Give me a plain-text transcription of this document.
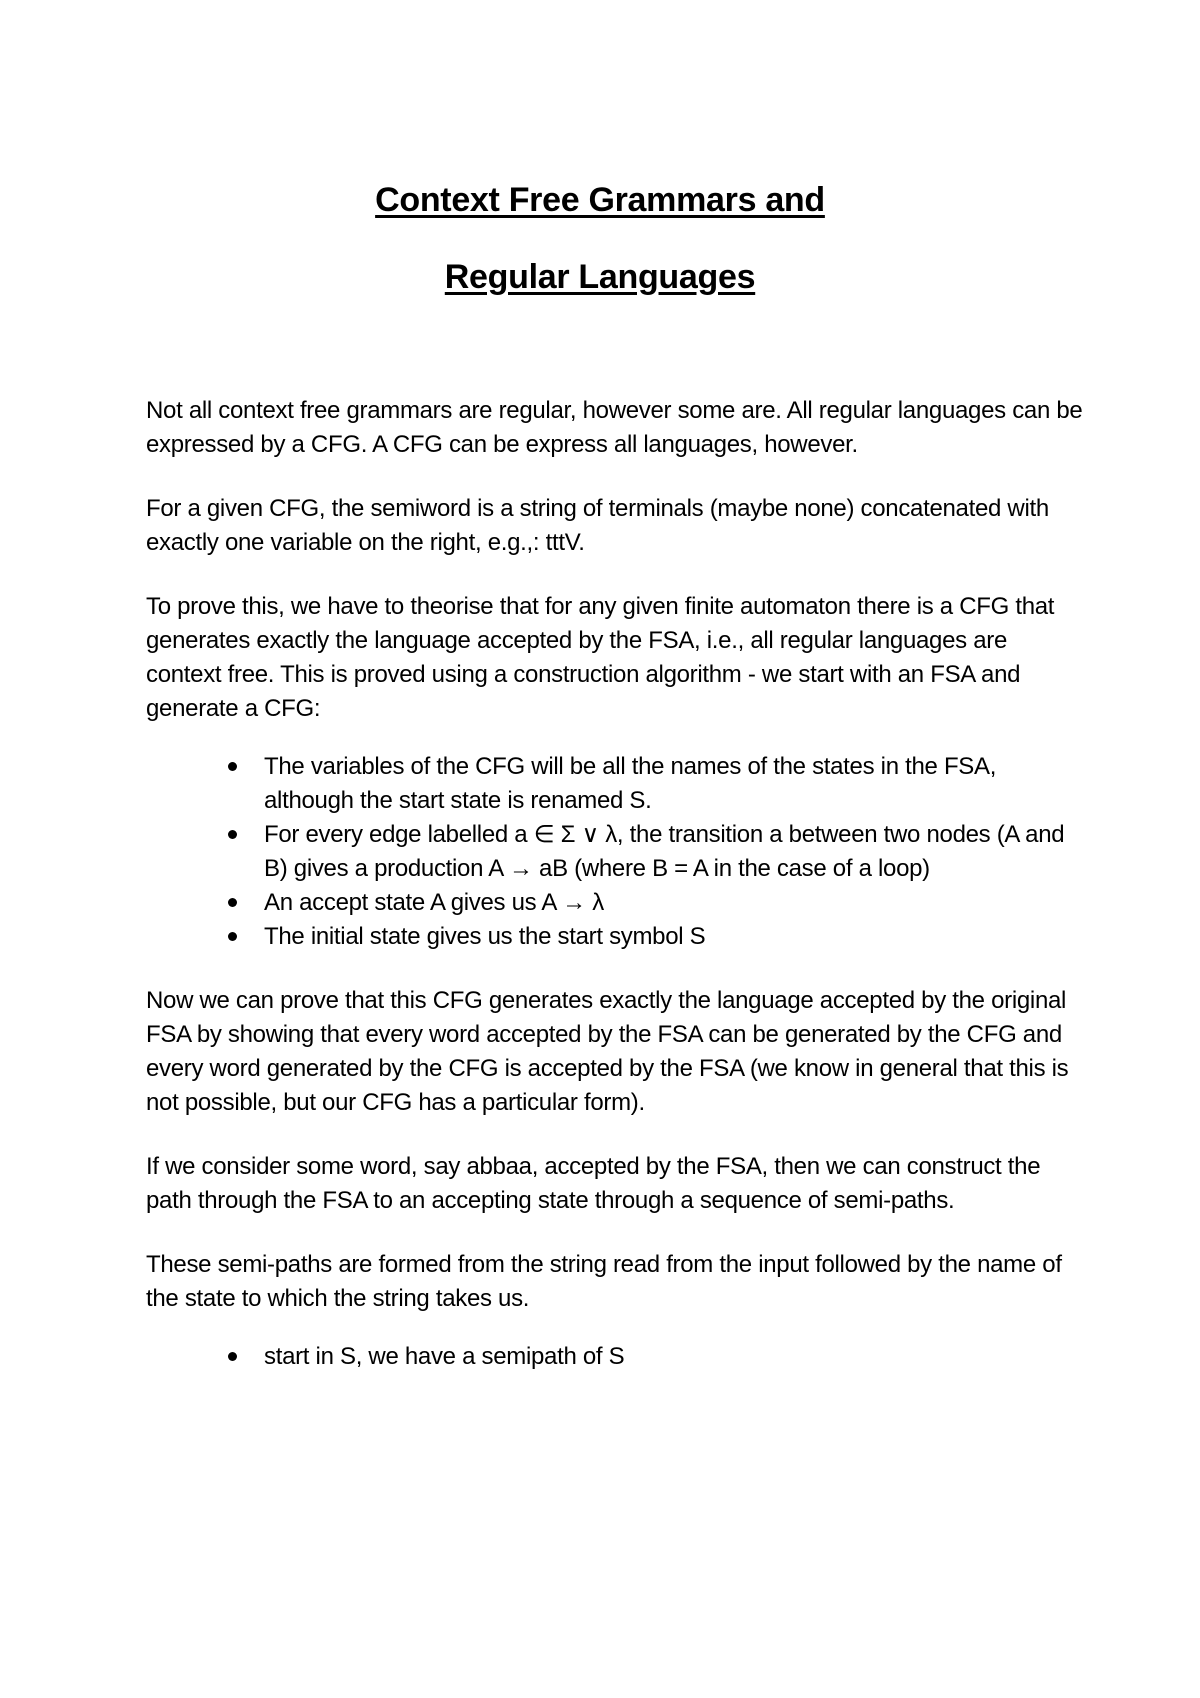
Context Free Grammars and
Regular Languages

Not all context free grammars are regular, however some are. All regular languages can be expressed by a CFG. A CFG can be express all languages, however.

For a given CFG, the semiword is a string of terminals (maybe none) concatenated with exactly one variable on the right, e.g.,: tttV.

To prove this, we have to theorise that for any given finite automaton there is a CFG that generates exactly the language accepted by the FSA, i.e., all regular languages are context free. This is proved using a construction algorithm - we start with an FSA and generate a CFG:

The variables of the CFG will be all the names of the states in the FSA, although the start state is renamed S.
For every edge labelled a ∈ Σ ∨ λ, the transition a between two nodes (A and B) gives a production A → aB (where B = A in the case of a loop)
An accept state A gives us A → λ
The initial state gives us the start symbol S

Now we can prove that this CFG generates exactly the language accepted by the original FSA by showing that every word accepted by the FSA can be generated by the CFG and every word generated by the CFG is accepted by the FSA (we know in general that this is not possible, but our CFG has a particular form).

If we consider some word, say abbaa, accepted by the FSA, then we can construct the path through the FSA to an accepting state through a sequence of semi-paths.

These semi-paths are formed from the string read from the input followed by the name of the state to which the string takes us.

start in S, we have a semipath of S
